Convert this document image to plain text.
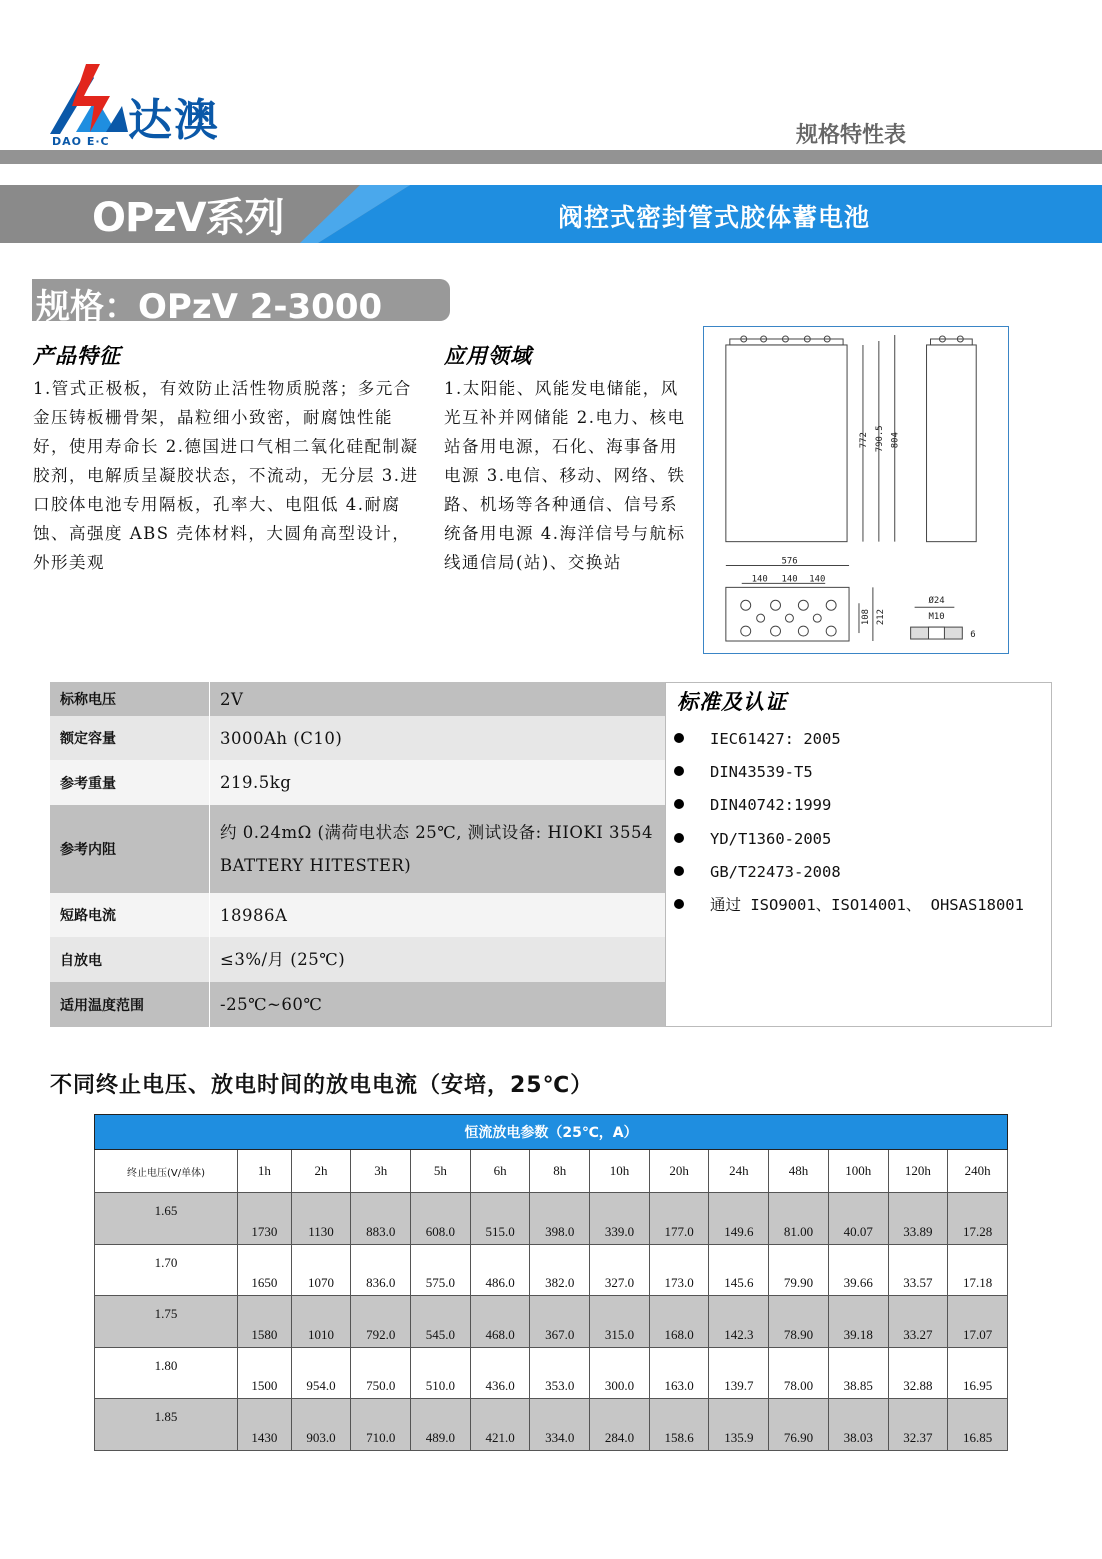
达澳
DAO E·C	规格特性表
OPzV系列	阀控式密封管式胶体蓄电池
规格：OPzV 2-3000
产品特征
1.管式正极板，有效防止活性物质脱落；多元合金压铸板栅骨架，晶粒细小致密，耐腐蚀性能好，使用寿命长 2.德国进口气相二氧化硅配制凝胶剂，电解质呈凝胶状态，不流动，无分层 3.进口胶体电池专用隔板，孔率大、电阻低 4.耐腐蚀、高强度 ABS 壳体材料，大圆角高型设计，外形美观
应用领域
1.太阳能、风能发电储能，风光互补并网储能 2.电力、核电站备用电源，石化、海事备用电源 3.电信、移动、网络、铁路、机场等各种通信、信号系统备用电源 4.海洋信号与航标线通信局(站)、交换站
772 790.5 804
576
140 140 140
108 212
Ø24
M10
6
标称电压	2V
额定容量	3000Ah (C10)
参考重量	219.5kg
参考内阻	约 0.24mΩ (满荷电状态 25℃, 测试设备: HIOKI 3554 BATTERY HITESTER)
短路电流	18986A
自放电	≤3%/月 (25℃)
适用温度范围	-25℃~60℃
标准及认证
IEC61427: 2005
DIN43539-T5
DIN40742:1999
YD/T1360-2005
GB/T22473-2008
通过 ISO9001、ISO14001、 OHSAS18001
不同终止电压、放电时间的放电电流（安培，25℃）
恒流放电参数（25℃，A）													
终止电压(V/单体)	1h	2h	3h	5h	6h	8h	10h	20h	24h	48h	100h	120h	240h
1.65	1730	1130	883.0	608.0	515.0	398.0	339.0	177.0	149.6	81.00	40.07	33.89	17.28
1.70	1650	1070	836.0	575.0	486.0	382.0	327.0	173.0	145.6	79.90	39.66	33.57	17.18
1.75	1580	1010	792.0	545.0	468.0	367.0	315.0	168.0	142.3	78.90	39.18	33.27	17.07
1.80	1500	954.0	750.0	510.0	436.0	353.0	300.0	163.0	139.7	78.00	38.85	32.88	16.95
1.85	1430	903.0	710.0	489.0	421.0	334.0	284.0	158.6	135.9	76.90	38.03	32.37	16.85
